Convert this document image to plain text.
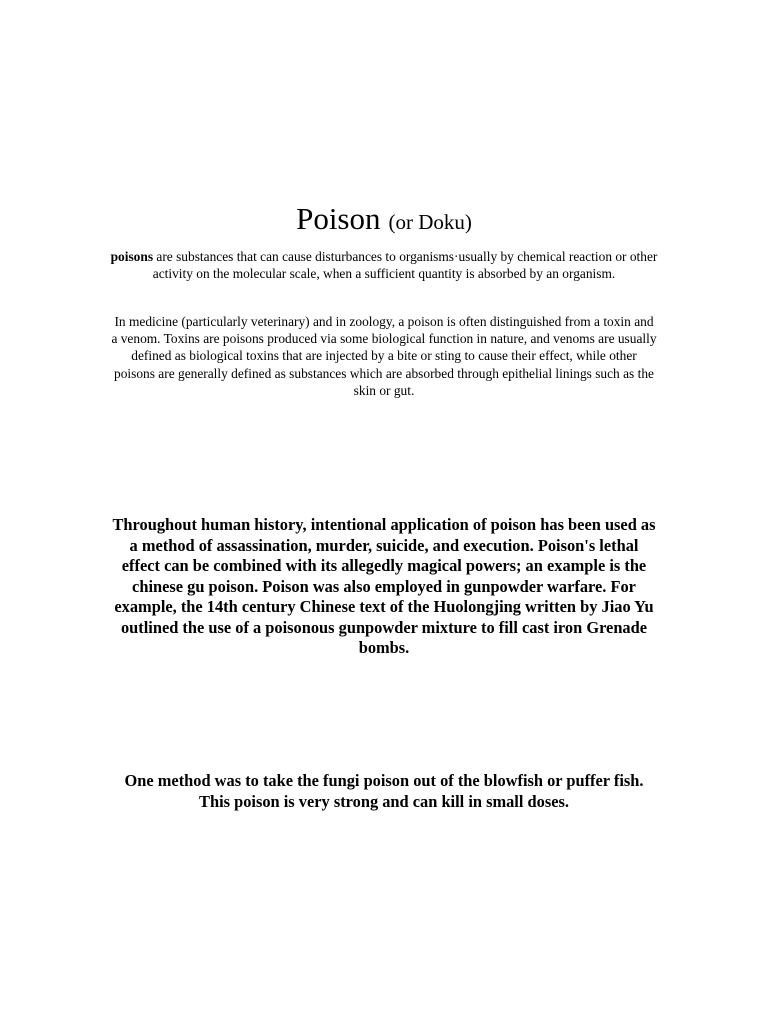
Poison (or Doku)

poisons are substances that can cause disturbances to organisms·usually by chemical reaction or other activity on the molecular scale, when a sufficient quantity is absorbed by an organism.

In medicine (particularly veterinary) and in zoology, a poison is often distinguished from a toxin and a venom. Toxins are poisons produced via some biological function in nature, and venoms are usually defined as biological toxins that are injected by a bite or sting to cause their effect, while other poisons are generally defined as substances which are absorbed through epithelial linings such as the skin or gut.

Throughout human history, intentional application of poison has been used as a method of assassination, murder, suicide, and execution. Poison's lethal effect can be combined with its allegedly magical powers; an example is the chinese gu poison. Poison was also employed in gunpowder warfare. For example, the 14th century Chinese text of the Huolongjing written by Jiao Yu outlined the use of a poisonous gunpowder mixture to fill cast iron Grenade bombs.

One method was to take the fungi poison out of the blowfish or puffer fish. This poison is very strong and can kill in small doses.
